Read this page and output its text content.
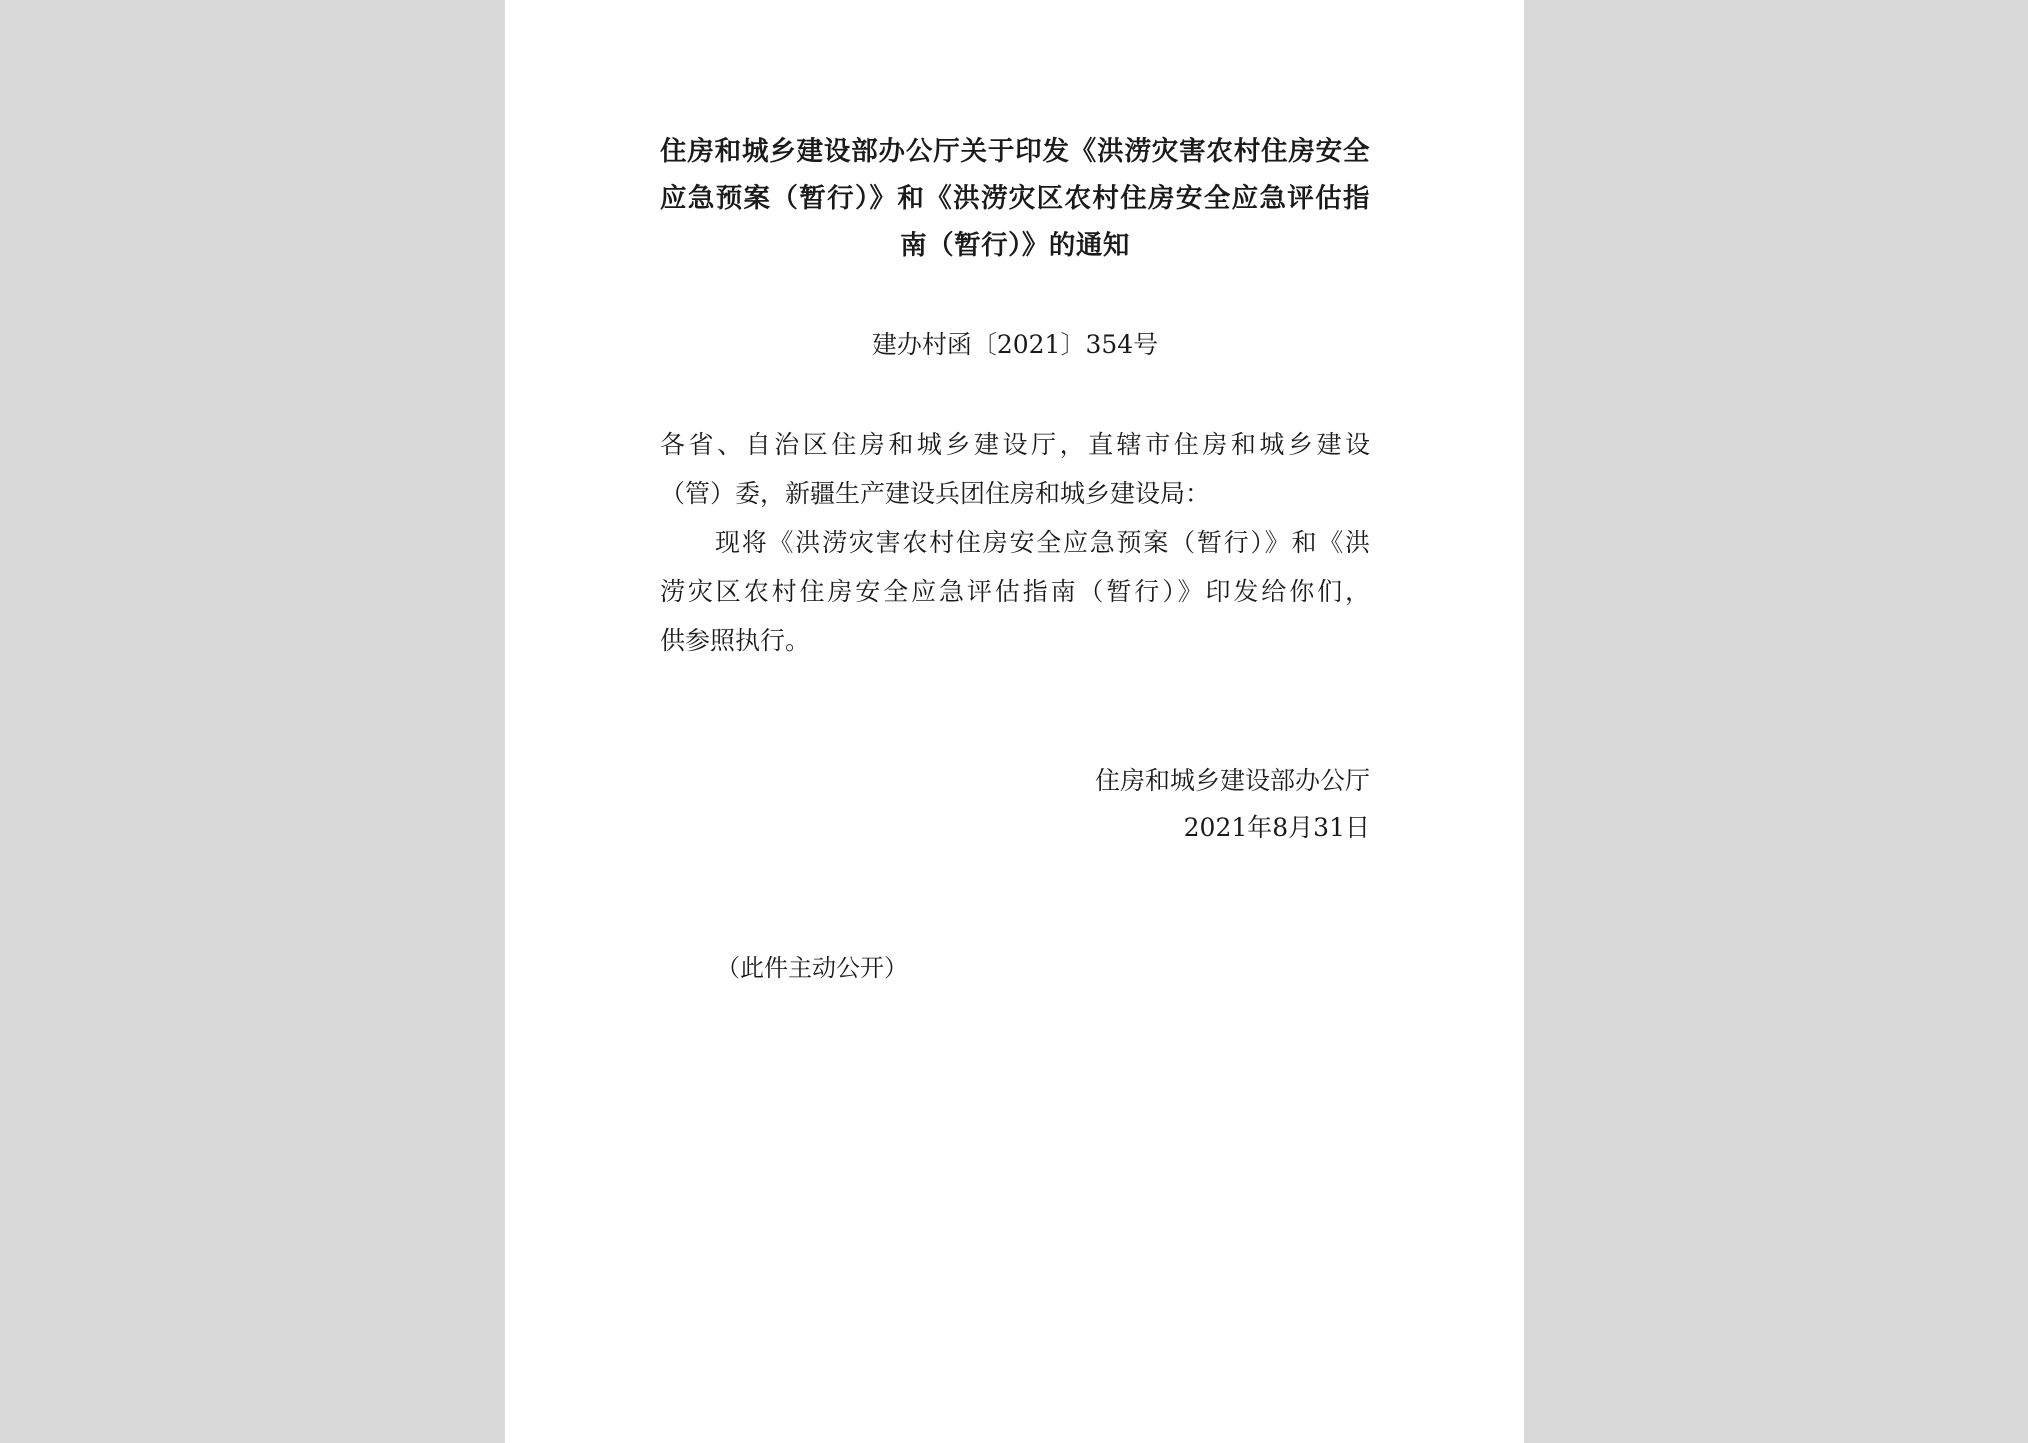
住房和城乡建设部办公厅关于印发《洪涝灾害农村住房安全
应急预案（暂行）》和《洪涝灾区农村住房安全应急评估指
南（暂行）》的通知
建办村函〔2021〕354号
各省、自治区住房和城乡建设厅，直辖市住房和城乡建设
（管）委，新疆生产建设兵团住房和城乡建设局：
现将《洪涝灾害农村住房安全应急预案（暂行）》和《洪
涝灾区农村住房安全应急评估指南（暂行）》印发给你们，
供参照执行。
住房和城乡建设部办公厅
2021年8月31日
（此件主动公开）
